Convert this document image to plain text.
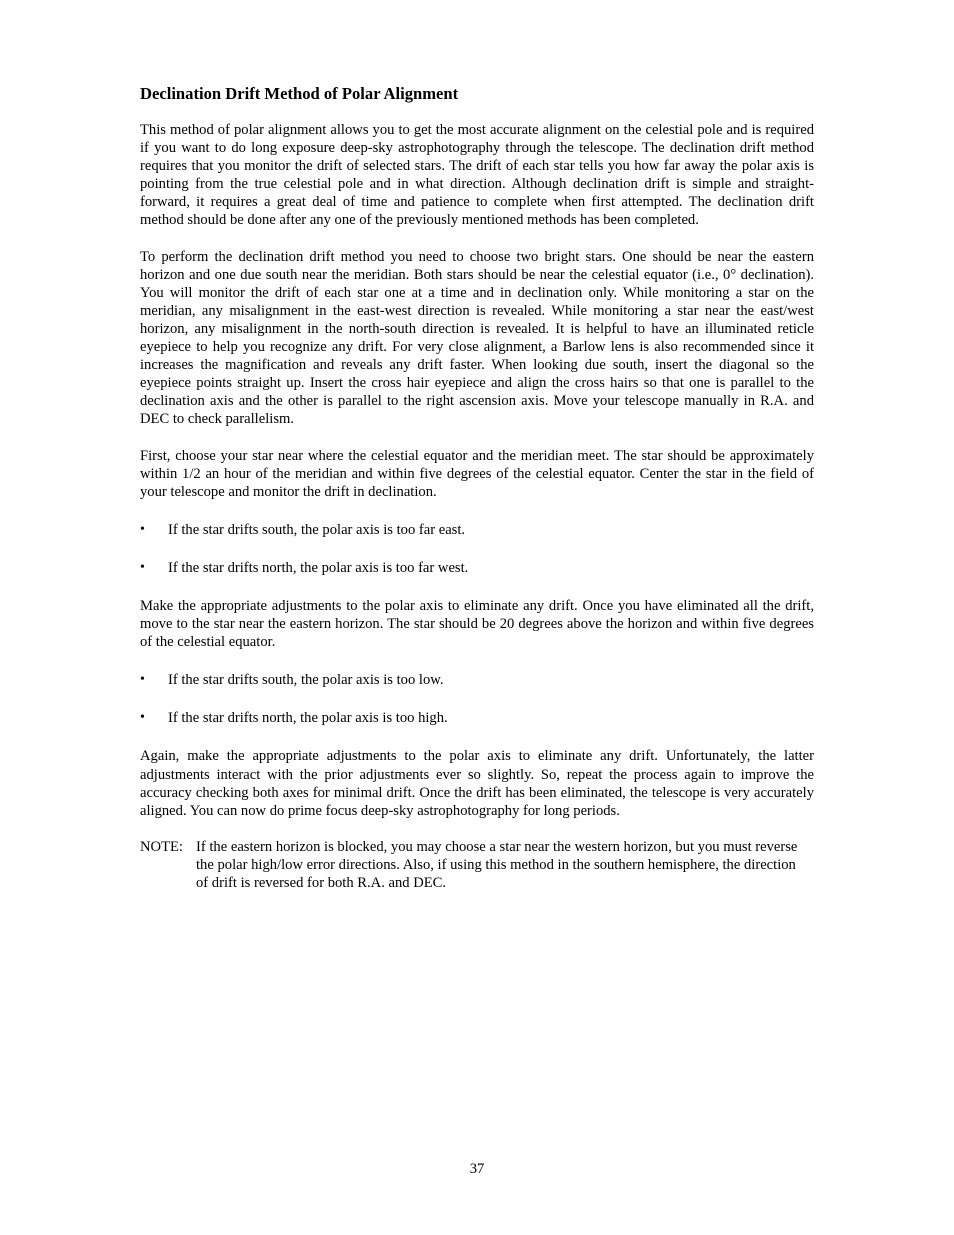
Declination Drift Method of Polar Alignment

This method of polar alignment allows you to get the most accurate alignment on the celestial pole and is required if you want to do long exposure deep-sky astrophotography through the telescope. The declination drift method requires that you monitor the drift of selected stars. The drift of each star tells you how far away the polar axis is pointing from the true celestial pole and in what direction. Although declination drift is simple and straight-forward, it requires a great deal of time and patience to complete when first attempted. The declination drift method should be done after any one of the previously mentioned methods has been completed.

To perform the declination drift method you need to choose two bright stars. One should be near the eastern horizon and one due south near the meridian. Both stars should be near the celestial equator (i.e., 0° declination). You will monitor the drift of each star one at a time and in declination only. While monitoring a star on the meridian, any misalignment in the east-west direction is revealed. While monitoring a star near the east/west horizon, any misalignment in the north-south direction is revealed. It is helpful to have an illuminated reticle eyepiece to help you recognize any drift. For very close alignment, a Barlow lens is also recommended since it increases the magnification and reveals any drift faster. When looking due south, insert the diagonal so the eyepiece points straight up. Insert the cross hair eyepiece and align the cross hairs so that one is parallel to the declination axis and the other is parallel to the right ascension axis. Move your telescope manually in R.A. and DEC to check parallelism.

First, choose your star near where the celestial equator and the meridian meet. The star should be approximately within 1/2 an hour of the meridian and within five degrees of the celestial equator. Center the star in the field of your telescope and monitor the drift in declination.

•	If the star drifts south, the polar axis is too far east.
•	If the star drifts north, the polar axis is too far west.

Make the appropriate adjustments to the polar axis to eliminate any drift. Once you have eliminated all the drift, move to the star near the eastern horizon. The star should be 20 degrees above the horizon and within five degrees of the celestial equator.

•	If the star drifts south, the polar axis is too low.
•	If the star drifts north, the polar axis is too high.

Again, make the appropriate adjustments to the polar axis to eliminate any drift. Unfortunately, the latter adjustments interact with the prior adjustments ever so slightly. So, repeat the process again to improve the accuracy checking both axes for minimal drift. Once the drift has been eliminated, the telescope is very accurately aligned. You can now do prime focus deep-sky astrophotography for long periods.

NOTE: If the eastern horizon is blocked, you may choose a star near the western horizon, but you must reverse the polar high/low error directions. Also, if using this method in the southern hemisphere, the direction of drift is reversed for both R.A. and DEC.
37
